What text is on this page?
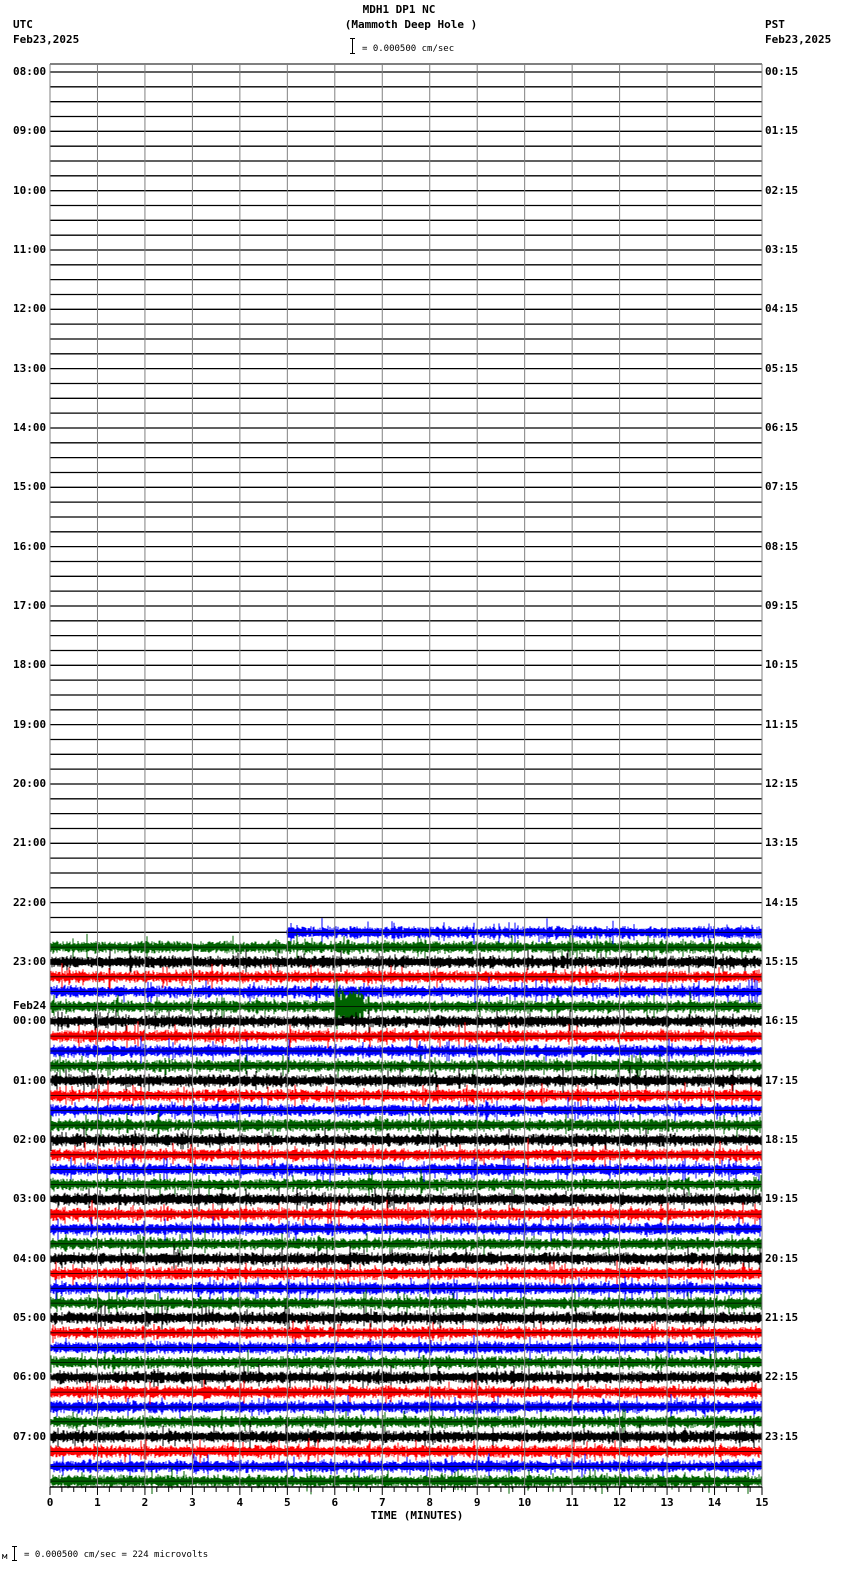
MDH1 DP1 NC
(Mammoth Deep Hole )
= 0.000500 cm/sec
UTC
Feb23,2025
PST
Feb23,2025
08:00
09:00
10:00
11:00
12:00
13:00
14:00
15:00
16:00
17:00
18:00
19:00
20:00
21:00
22:00
23:00
00:00
01:00
02:00
03:00
04:00
05:00
06:00
07:00
Feb24
00:15
01:15
02:15
03:15
04:15
05:15
06:15
07:15
08:15
09:15
10:15
11:15
12:15
13:15
14:15
15:15
16:15
17:15
18:15
19:15
20:15
21:15
22:15
23:15
0	1	2	3	4	5	6	7	8	9	10	11	12	13	14	15
TIME (MINUTES)
м = 0.000500 cm/sec = 224 microvolts
